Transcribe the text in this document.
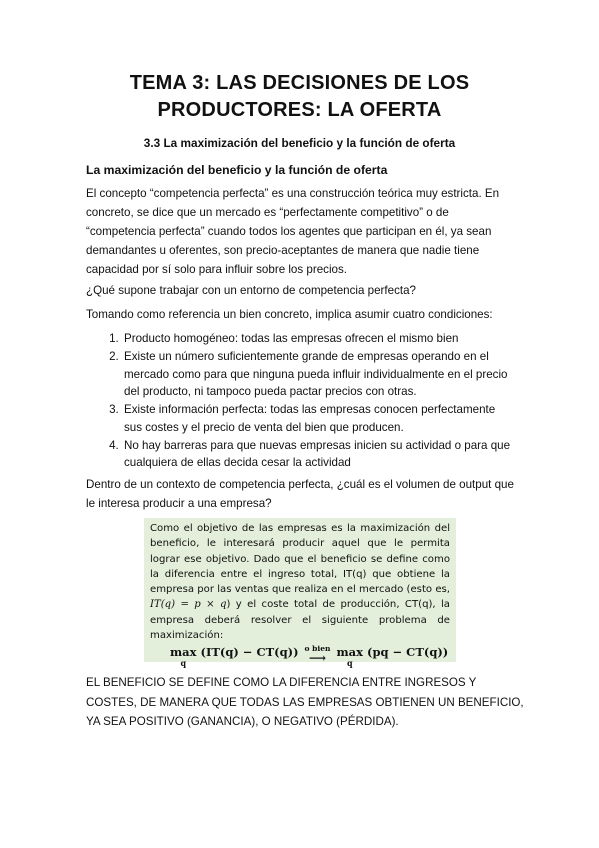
TEMA 3: LAS DECISIONES DE LOS PRODUCTORES: LA OFERTA
3.3 La maximización del beneficio y la función de oferta
La maximización del beneficio y la función de oferta
El concepto “competencia perfecta” es una construcción teórica muy estricta. En concreto, se dice que un mercado es “perfectamente competitivo” o de “competencia perfecta” cuando todos los agentes que participan en él, ya sean demandantes u oferentes, son precio-aceptantes de manera que nadie tiene capacidad por sí solo para influir sobre los precios.
¿Qué supone trabajar con un entorno de competencia perfecta?
Tomando como referencia un bien concreto, implica asumir cuatro condiciones:
1. Producto homogéneo: todas las empresas ofrecen el mismo bien
2. Existe un número suficientemente grande de empresas operando en el mercado como para que ninguna pueda influir individualmente en el precio del producto, ni tampoco pueda pactar precios con otras.
3. Existe información perfecta: todas las empresas conocen perfectamente sus costes y el precio de venta del bien que producen.
4. No hay barreras para que nuevas empresas inicien su actividad o para que cualquiera de ellas decida cesar la actividad
Dentro de un contexto de competencia perfecta, ¿cuál es el volumen de output que le interesa producir a una empresa?
Como el objetivo de las empresas es la maximización del beneficio, le interesará producir aquel que le permita lograr ese objetivo. Dado que el beneficio se define como la diferencia entre el ingreso total, IT(q) que obtiene la empresa por las ventas que realiza en el mercado (esto es, IT(q) = p × q) y el coste total de producción, CT(q), la empresa deberá resolver el siguiente problema de maximización:
max
q
(IT(q) − CT(q)) o bien
⟶ max
q
(pq − CT(q))
EL BENEFICIO SE DEFINE COMO LA DIFERENCIA ENTRE INGRESOS Y COSTES, DE MANERA QUE TODAS LAS EMPRESAS OBTIENEN UN BENEFICIO, YA SEA POSITIVO (GANANCIA), O NEGATIVO (PÉRDIDA).
